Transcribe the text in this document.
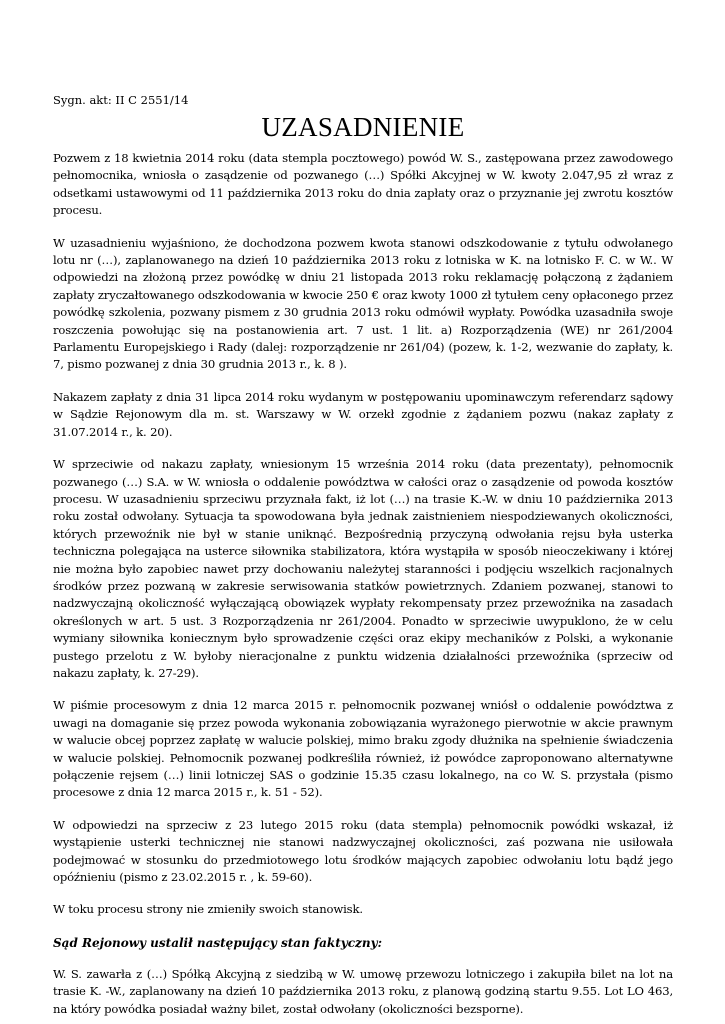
Sygn. akt: II C 2551/14
UZASADNIENIE

Pozwem z 18 kwietnia 2014 roku (data stempla pocztowego) powód W. S., zastępowana przez zawodowego pełnomocnika, wniosła o zasądzenie od pozwanego (…) Spółki Akcyjnej w W. kwoty 2.047,95 zł wraz z odsetkami ustawowymi od 11 października 2013 roku do dnia zapłaty oraz o przyznanie jej zwrotu kosztów procesu.

W uzasadnieniu wyjaśniono, że dochodzona pozwem kwota stanowi odszkodowanie z tytułu odwołanego lotu nr (…), zaplanowanego na dzień 10 października 2013 roku z lotniska w K. na lotnisko F. C. w W.. W odpowiedzi na złożoną przez powódkę w dniu 21 listopada 2013 roku reklamację połączoną z żądaniem zapłaty zryczałtowanego odszkodowania w kwocie 250 € oraz kwoty 1000 zł tytułem ceny opłaconego przez powódkę szkolenia, pozwany pismem z 30 grudnia 2013 roku odmówił wypłaty. Powódka uzasadniła swoje roszczenia powołując się na postanowienia art. 7 ust. 1 lit. a) Rozporządzenia (WE) nr 261/2004 Parlamentu Europejskiego i Rady (dalej: rozporządzenie nr 261/04) (pozew, k. 1-2, wezwanie do zapłaty, k. 7, pismo pozwanej z dnia 30 grudnia 2013 r., k. 8 ).

Nakazem zapłaty z dnia 31 lipca 2014 roku wydanym w postępowaniu upominawczym referendarz sądowy w Sądzie Rejonowym dla m. st. Warszawy w W. orzekł zgodnie z żądaniem pozwu (nakaz zapłaty z 31.07.2014 r., k. 20).

W sprzeciwie od nakazu zapłaty, wniesionym 15 września 2014 roku (data prezentaty), pełnomocnik pozwanego (…) S.A. w W. wniosła o oddalenie powództwa w całości oraz o zasądzenie od powoda kosztów procesu. W uzasadnieniu sprzeciwu przyznała fakt, iż lot (…) na trasie K.-W. w dniu 10 października 2013 roku został odwołany. Sytuacja ta spowodowana była jednak zaistnieniem niespodziewanych okoliczności, których przewoźnik nie był w stanie uniknąć. Bezpośrednią przyczyną odwołania rejsu była usterka techniczna polegająca na usterce siłownika stabilizatora, która wystąpiła w sposób nieoczekiwany i której nie można było zapobiec nawet przy dochowaniu należytej staranności i podjęciu wszelkich racjonalnych środków przez pozwaną w zakresie serwisowania statków powietrznych. Zdaniem pozwanej, stanowi to nadzwyczajną okoliczność wyłączającą obowiązek wypłaty rekompensaty przez przewoźnika na zasadach określonych w art. 5 ust. 3 Rozporządzenia nr 261/2004. Ponadto w sprzeciwie uwypuklono, że w celu wymiany siłownika koniecznym było sprowadzenie części oraz ekipy mechaników z Polski, a wykonanie pustego przelotu z W. byłoby nieracjonalne z punktu widzenia działalności przewoźnika (sprzeciw od nakazu zapłaty, k. 27-29).

W piśmie procesowym z dnia 12 marca 2015 r. pełnomocnik pozwanej wniósł o oddalenie powództwa z uwagi na domaganie się przez powoda wykonania zobowiązania wyrażonego pierwotnie w akcie prawnym w walucie obcej poprzez zapłatę w walucie polskiej, mimo braku zgody dłużnika na spełnienie świadczenia w walucie polskiej. Pełnomocnik pozwanej podkreśliła również, iż powódce zaproponowano alternatywne połączenie rejsem (…) linii lotniczej SAS o godzinie 15.35 czasu lokalnego, na co W. S. przystała (pismo procesowe z dnia 12 marca 2015 r., k. 51 - 52).

W odpowiedzi na sprzeciw z 23 lutego 2015 roku (data stempla) pełnomocnik powódki wskazał, iż wystąpienie usterki technicznej nie stanowi nadzwyczajnej okoliczności, zaś pozwana nie usiłowała podejmować w stosunku do przedmiotowego lotu środków mających zapobiec odwołaniu lotu bądź jego opóźnieniu (pismo z 23.02.2015 r. , k. 59-60).

W toku procesu strony nie zmieniły swoich stanowisk.

Sąd Rejonowy ustalił następujący stan faktyczny:

W. S. zawarła z (…) Spółką Akcyjną z siedzibą w W. umowę przewozu lotniczego i zakupiła bilet na lot na trasie K. -W., zaplanowany na dzień 10 października 2013 roku, z planową godziną startu 9.55. Lot LO 463, na który powódka posiadał ważny bilet, został odwołany (okoliczności bezsporne).
